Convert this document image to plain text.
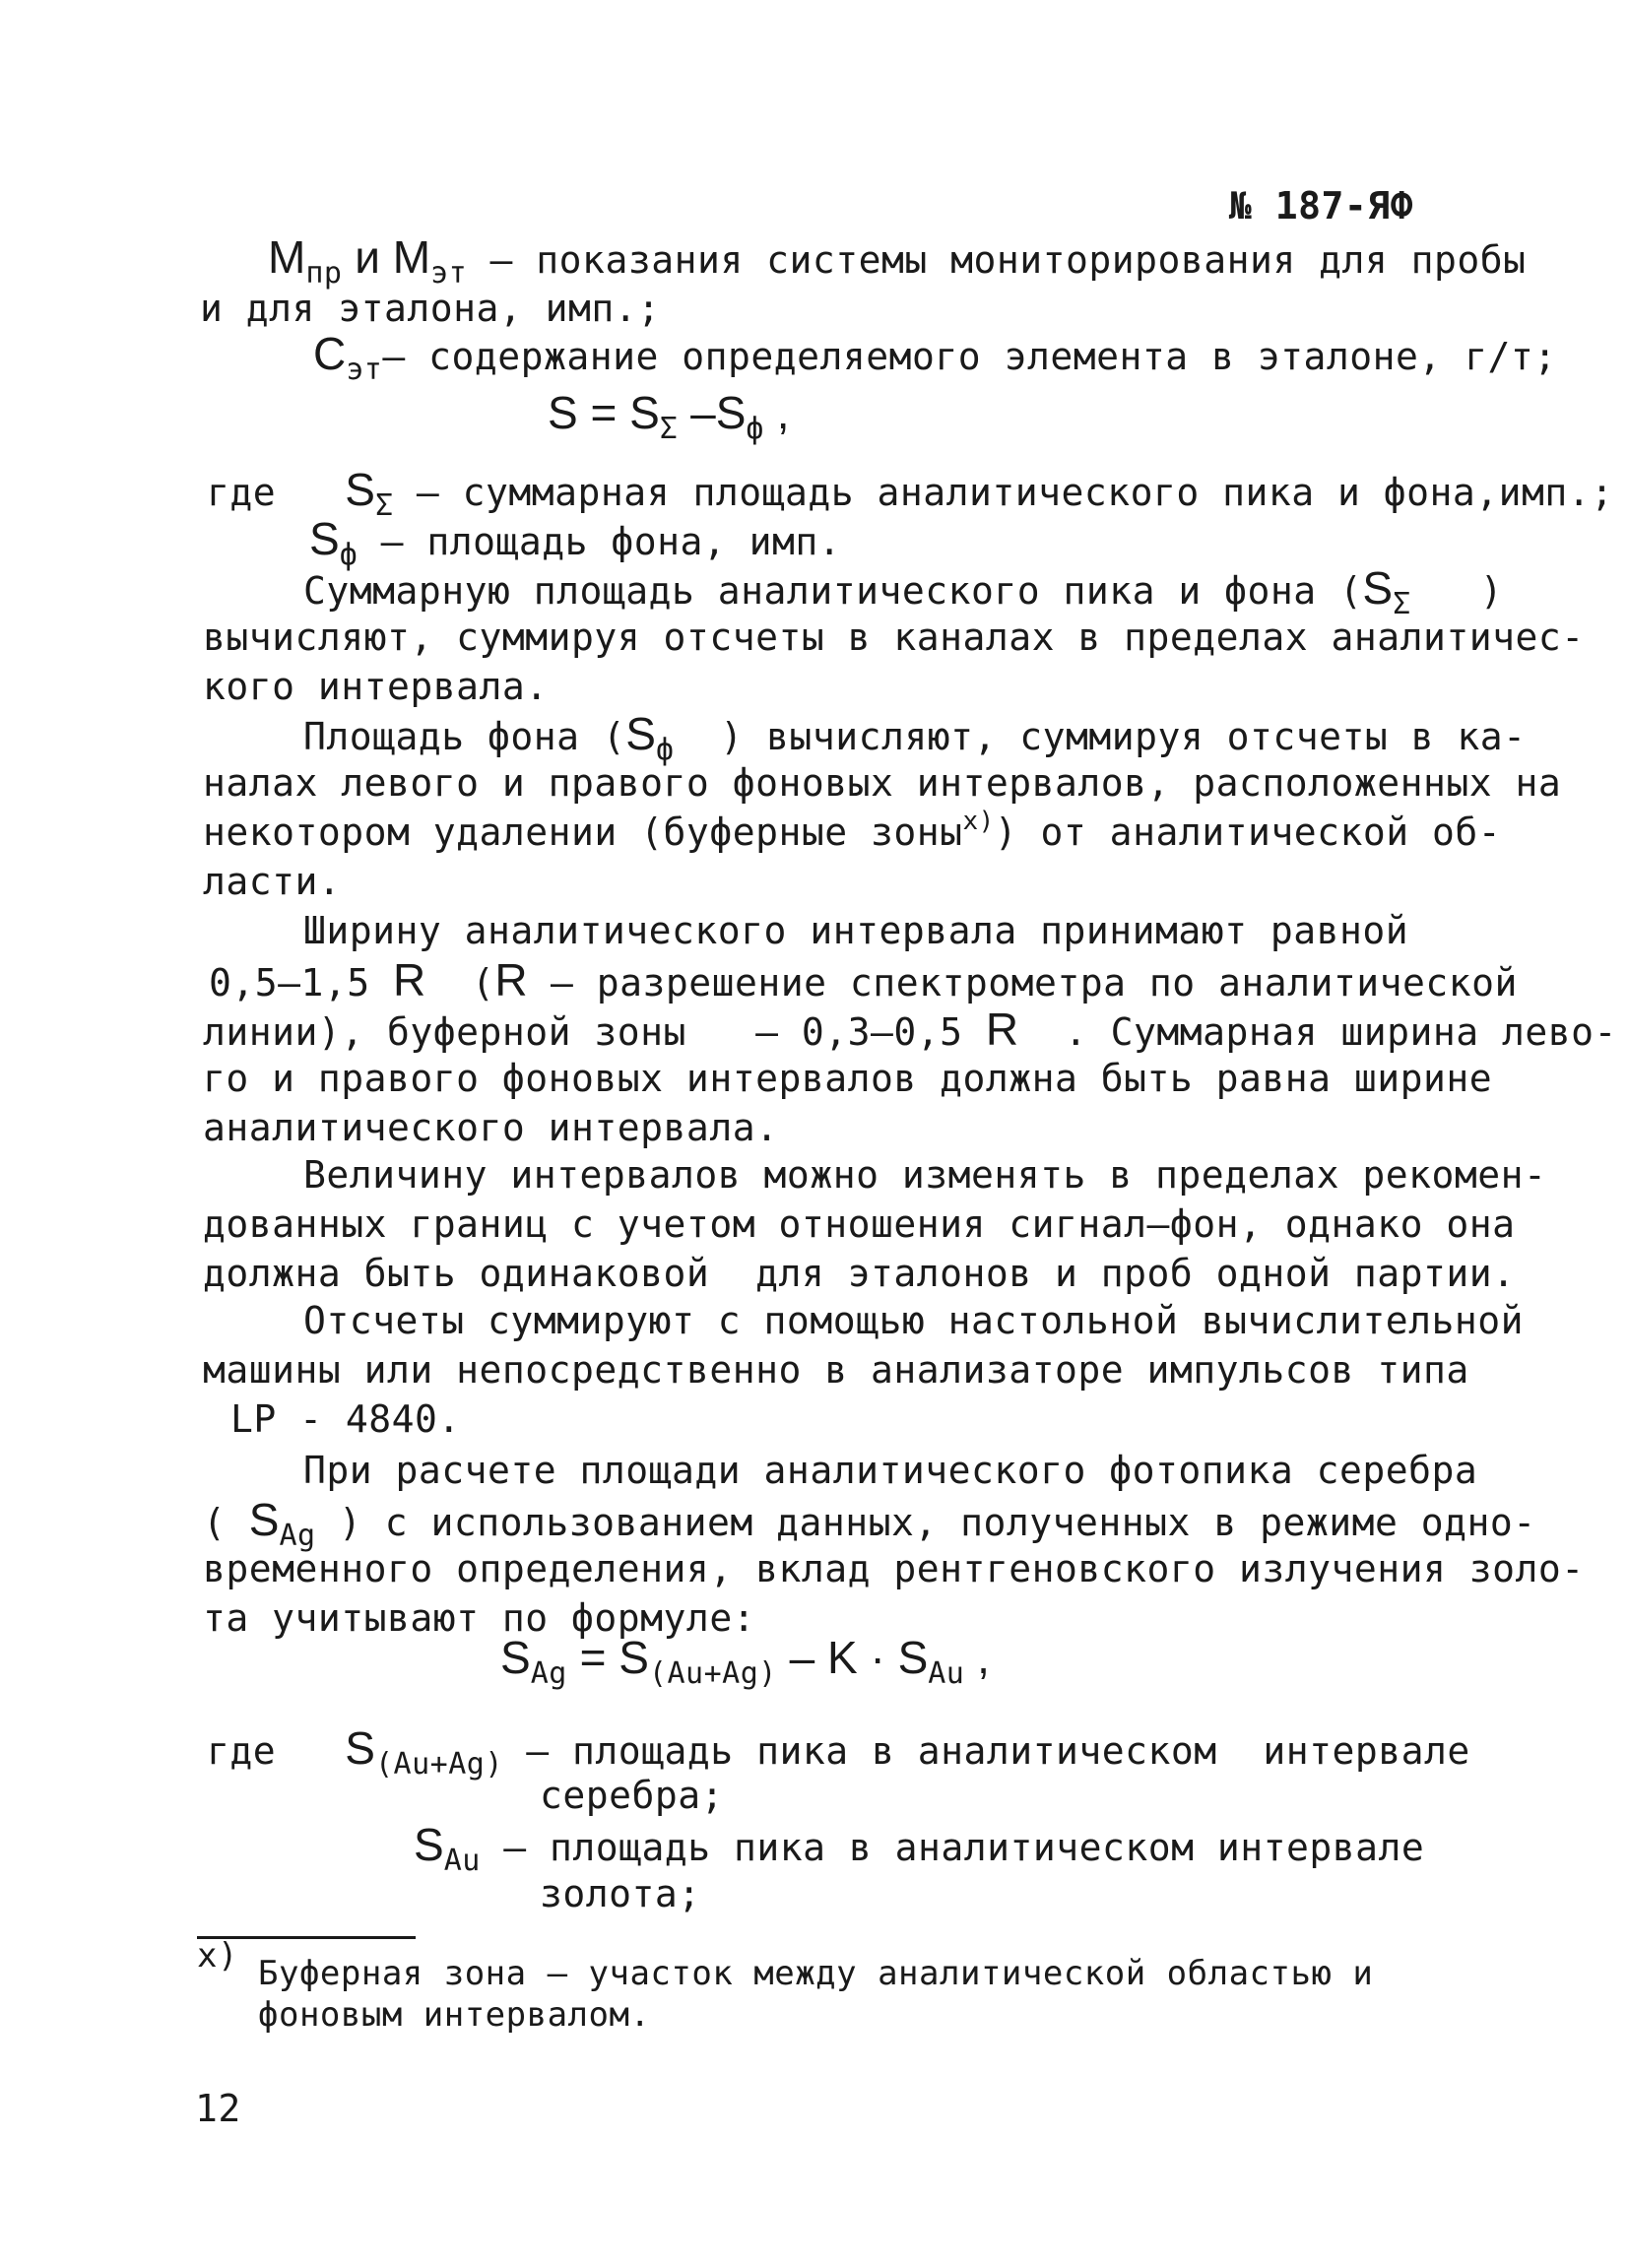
№ 187-ЯФ
$М_{пр}$ и $М_{эт}$ – показания системы мониторирования для пробы
и для эталона, имп.;
$С_{эт}-$ содержание определяемого элемента в эталоне, г/т;
$S = S_\Sigma$ $-S_ф$ ,
где $S_\Sigma$ – суммарная площадь аналитического пика и фона,имп.;
$S_ф$ – площадь фона, имп.
Суммарную площадь аналитического пика и фона ($S_\Sigma$   )
вычисляют, суммируя отсчеты в каналах в пределах аналитичес-
кого интервала.
Площадь фона ($S_ф$  ) вычисляют, суммируя отсчеты в ка-
налах левого и правого фоновых интервалов, расположенных на
некотором удалении (буферные зоны$^{x)}$) от аналитической об-
ласти.
Ширину аналитического интервала принимают равной
0,5–1,5 R  (R – разрешение спектрометра по аналитической
линии), буферной зоны   – 0,3–0,5 R  . Суммарная ширина лево-
го и правого фоновых интервалов должна быть равна ширине
аналитического интервала.
Величину интервалов можно изменять в пределах рекомен-
дованных границ с учетом отношения сигнал–фон, однако она
должна быть одинаковой  для эталонов и проб одной партии.
Отсчеты суммируют с помощью настольной вычислительной
машины или непосредственно в анализаторе импульсов типа
LP - 4840.
При расчете площади аналитического фотопика серебра
( $S_{Ag}$ ) с использованием данных, полученных в режиме одно-
временного определения, вклад рентгеновского излучения золо-
та учитывают по формуле:
$S_{Ag} = S_{(Au+Ag)} - K \cdot S_{Au}$ ,
где $S_{(Au+Ag)}$ – площадь пика в аналитическом  интервале
серебра;
$S_{Au}$ – площадь пика в аналитическом интервале
золота;
x) Буферная зона – участок между аналитической областью и
фоновым интервалом.
12
